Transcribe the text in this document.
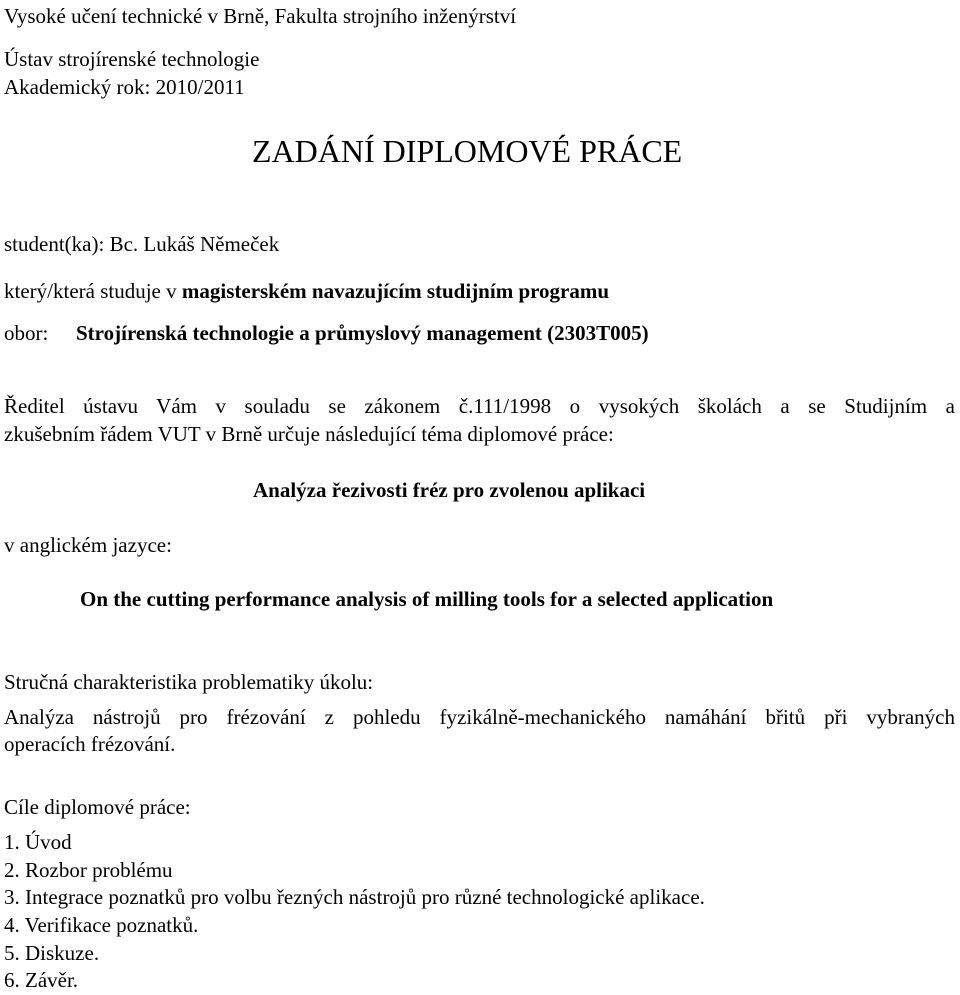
Vysoké učení technické v Brně, Fakulta strojního inženýrství
Ústav strojírenské technologie
Akademický rok: 2010/2011
ZADÁNÍ DIPLOMOVÉ PRÁCE
student(ka): Bc. Lukáš Němeček
který/která studuje v magisterském navazujícím studijním programu
obor: Strojírenská technologie a průmyslový management (2303T005)
Ředitel ústavu Vám v souladu se zákonem č.111/1998 o vysokých školách a se Studijním a
zkušebním řádem VUT v Brně určuje následující téma diplomové práce:
Analýza řezivosti fréz pro zvolenou aplikaci
v anglickém jazyce:
On the cutting performance analysis of milling tools for a selected application
Stručná charakteristika problematiky úkolu:
Analýza nástrojů pro frézování z pohledu fyzikálně-mechanického namáhání břitů při vybraných
operacích frézování.
Cíle diplomové práce:
1. Úvod
2. Rozbor problému
3. Integrace poznatků pro volbu řezných nástrojů pro různé technologické aplikace.
4. Verifikace poznatků.
5. Diskuze.
6. Závěr.
